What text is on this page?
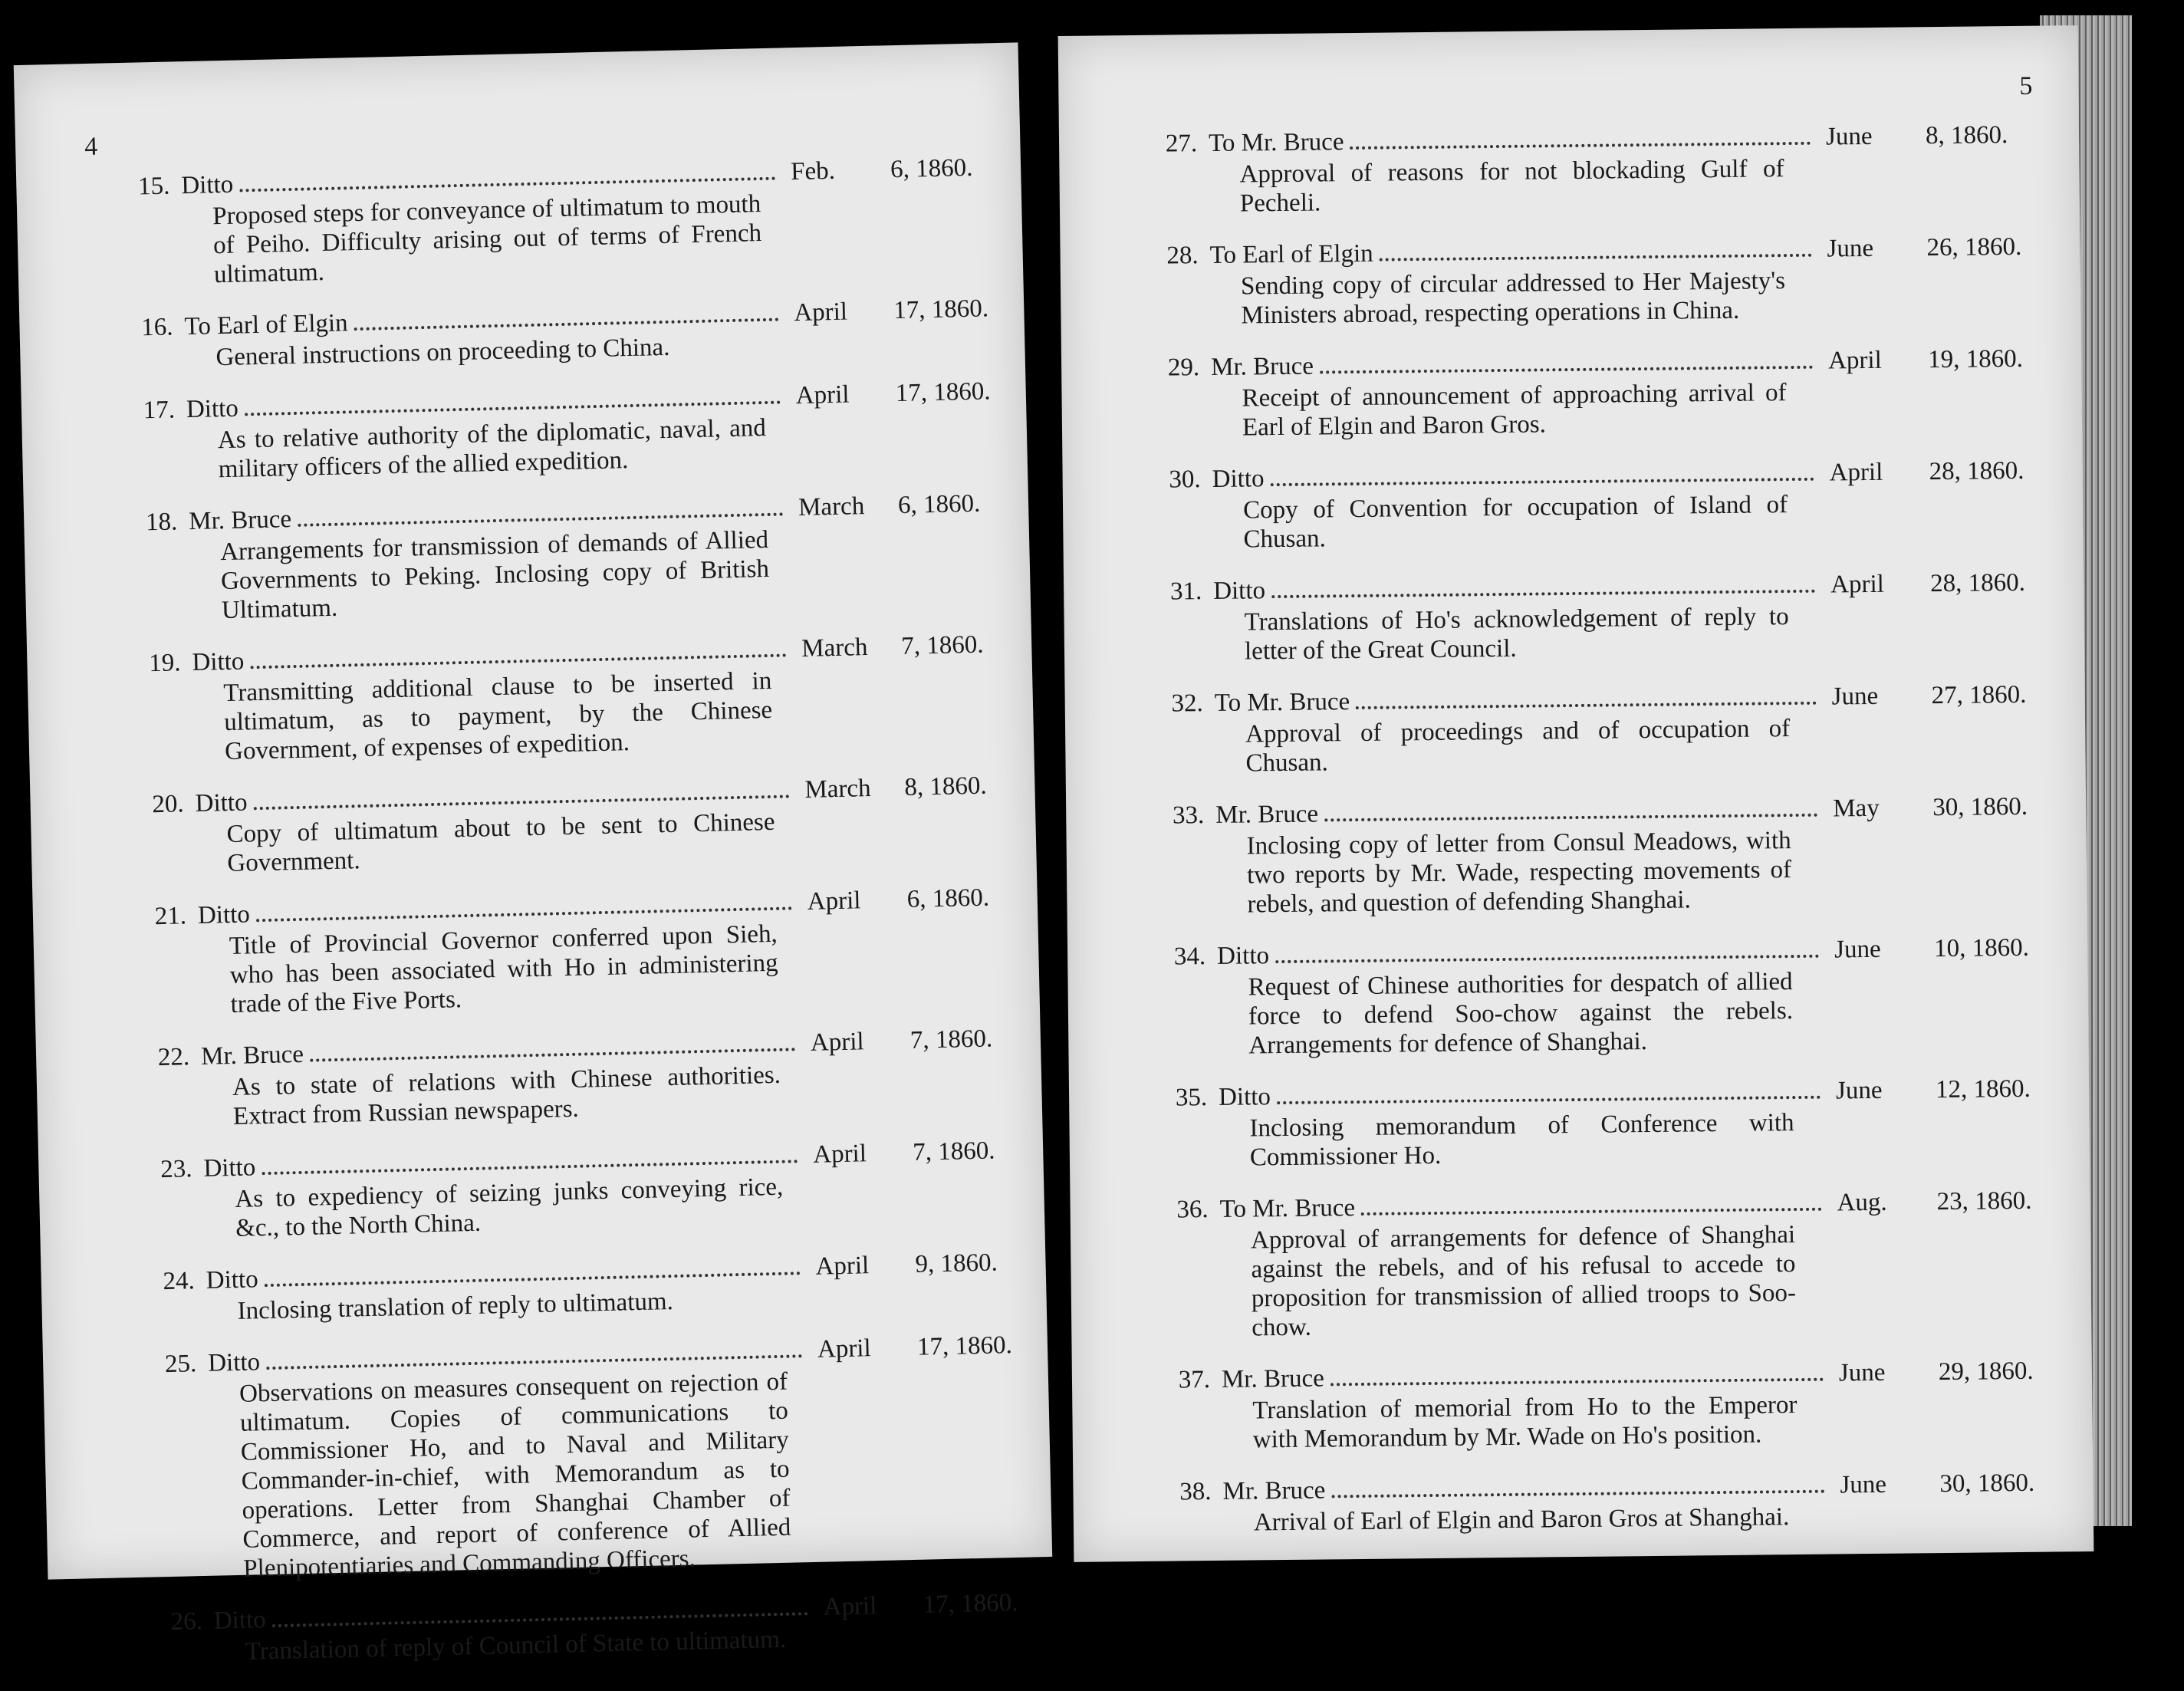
4
15. Ditto	Feb. 6, 1860.
Proposed steps for conveyance of ultimatum to mouth of Peiho. Difficulty arising out of terms of French ultimatum.
16. To Earl of Elgin	April 17, 1860.
General instructions on proceeding to China.
17. Ditto	April 17, 1860.
As to relative authority of the diplomatic, naval, and military officers of the allied expedition.
18. Mr. Bruce	March 6, 1860.
Arrangements for transmission of demands of Allied Governments to Peking. Inclosing copy of British Ultimatum.
19. Ditto	March 7, 1860.
Transmitting additional clause to be inserted in ultimatum, as to payment, by the Chinese Government, of expenses of expedition.
20. Ditto	March 8, 1860.
Copy of ultimatum about to be sent to Chinese Government.
21. Ditto	April 6, 1860.
Title of Provincial Governor conferred upon Sieh, who has been associated with Ho in administering trade of the Five Ports.
22. Mr. Bruce	April 7, 1860.
As to state of relations with Chinese authorities. Extract from Russian newspapers.
23. Ditto	April 7, 1860.
As to expediency of seizing junks conveying rice, &c., to the North China.
24. Ditto	April 9, 1860.
Inclosing translation of reply to ultimatum.
25. Ditto	April 17, 1860.
Observations on measures consequent on rejection of ultimatum. Copies of communications to Commissioner Ho, and to Naval and Military Commander-in-chief, with Memorandum as to operations. Letter from Shanghai Chamber of Commerce, and report of conference of Allied Plenipotentiaries and Commanding Officers.
26. Ditto	April 17, 1860.
Translation of reply of Council of State to ultimatum.
5
27. To Mr. Bruce	June 8, 1860.
Approval of reasons for not blockading Gulf of Pecheli.
28. To Earl of Elgin	June 26, 1860.
Sending copy of circular addressed to Her Majesty's Ministers abroad, respecting operations in China.
29. Mr. Bruce	April 19, 1860.
Receipt of announcement of approaching arrival of Earl of Elgin and Baron Gros.
30. Ditto	April 28, 1860.
Copy of Convention for occupation of Island of Chusan.
31. Ditto	April 28, 1860.
Translations of Ho's acknowledgement of reply to letter of the Great Council.
32. To Mr. Bruce	June 27, 1860.
Approval of proceedings and of occupation of Chusan.
33. Mr. Bruce	May 30, 1860.
Inclosing copy of letter from Consul Meadows, with two reports by Mr. Wade, respecting movements of rebels, and question of defending Shanghai.
34. Ditto	June 10, 1860.
Request of Chinese authorities for despatch of allied force to defend Soo-chow against the rebels. Arrangements for defence of Shanghai.
35. Ditto	June 12, 1860.
Inclosing memorandum of Conference with Commissioner Ho.
36. To Mr. Bruce	Aug. 23, 1860.
Approval of arrangements for defence of Shanghai against the rebels, and of his refusal to accede to proposition for transmission of allied troops to Soo-chow.
37. Mr. Bruce	June 29, 1860.
Translation of memorial from Ho to the Emperor with Memorandum by Mr. Wade on Ho's position.
38. Mr. Bruce	June 30, 1860.
Arrival of Earl of Elgin and Baron Gros at Shanghai.
